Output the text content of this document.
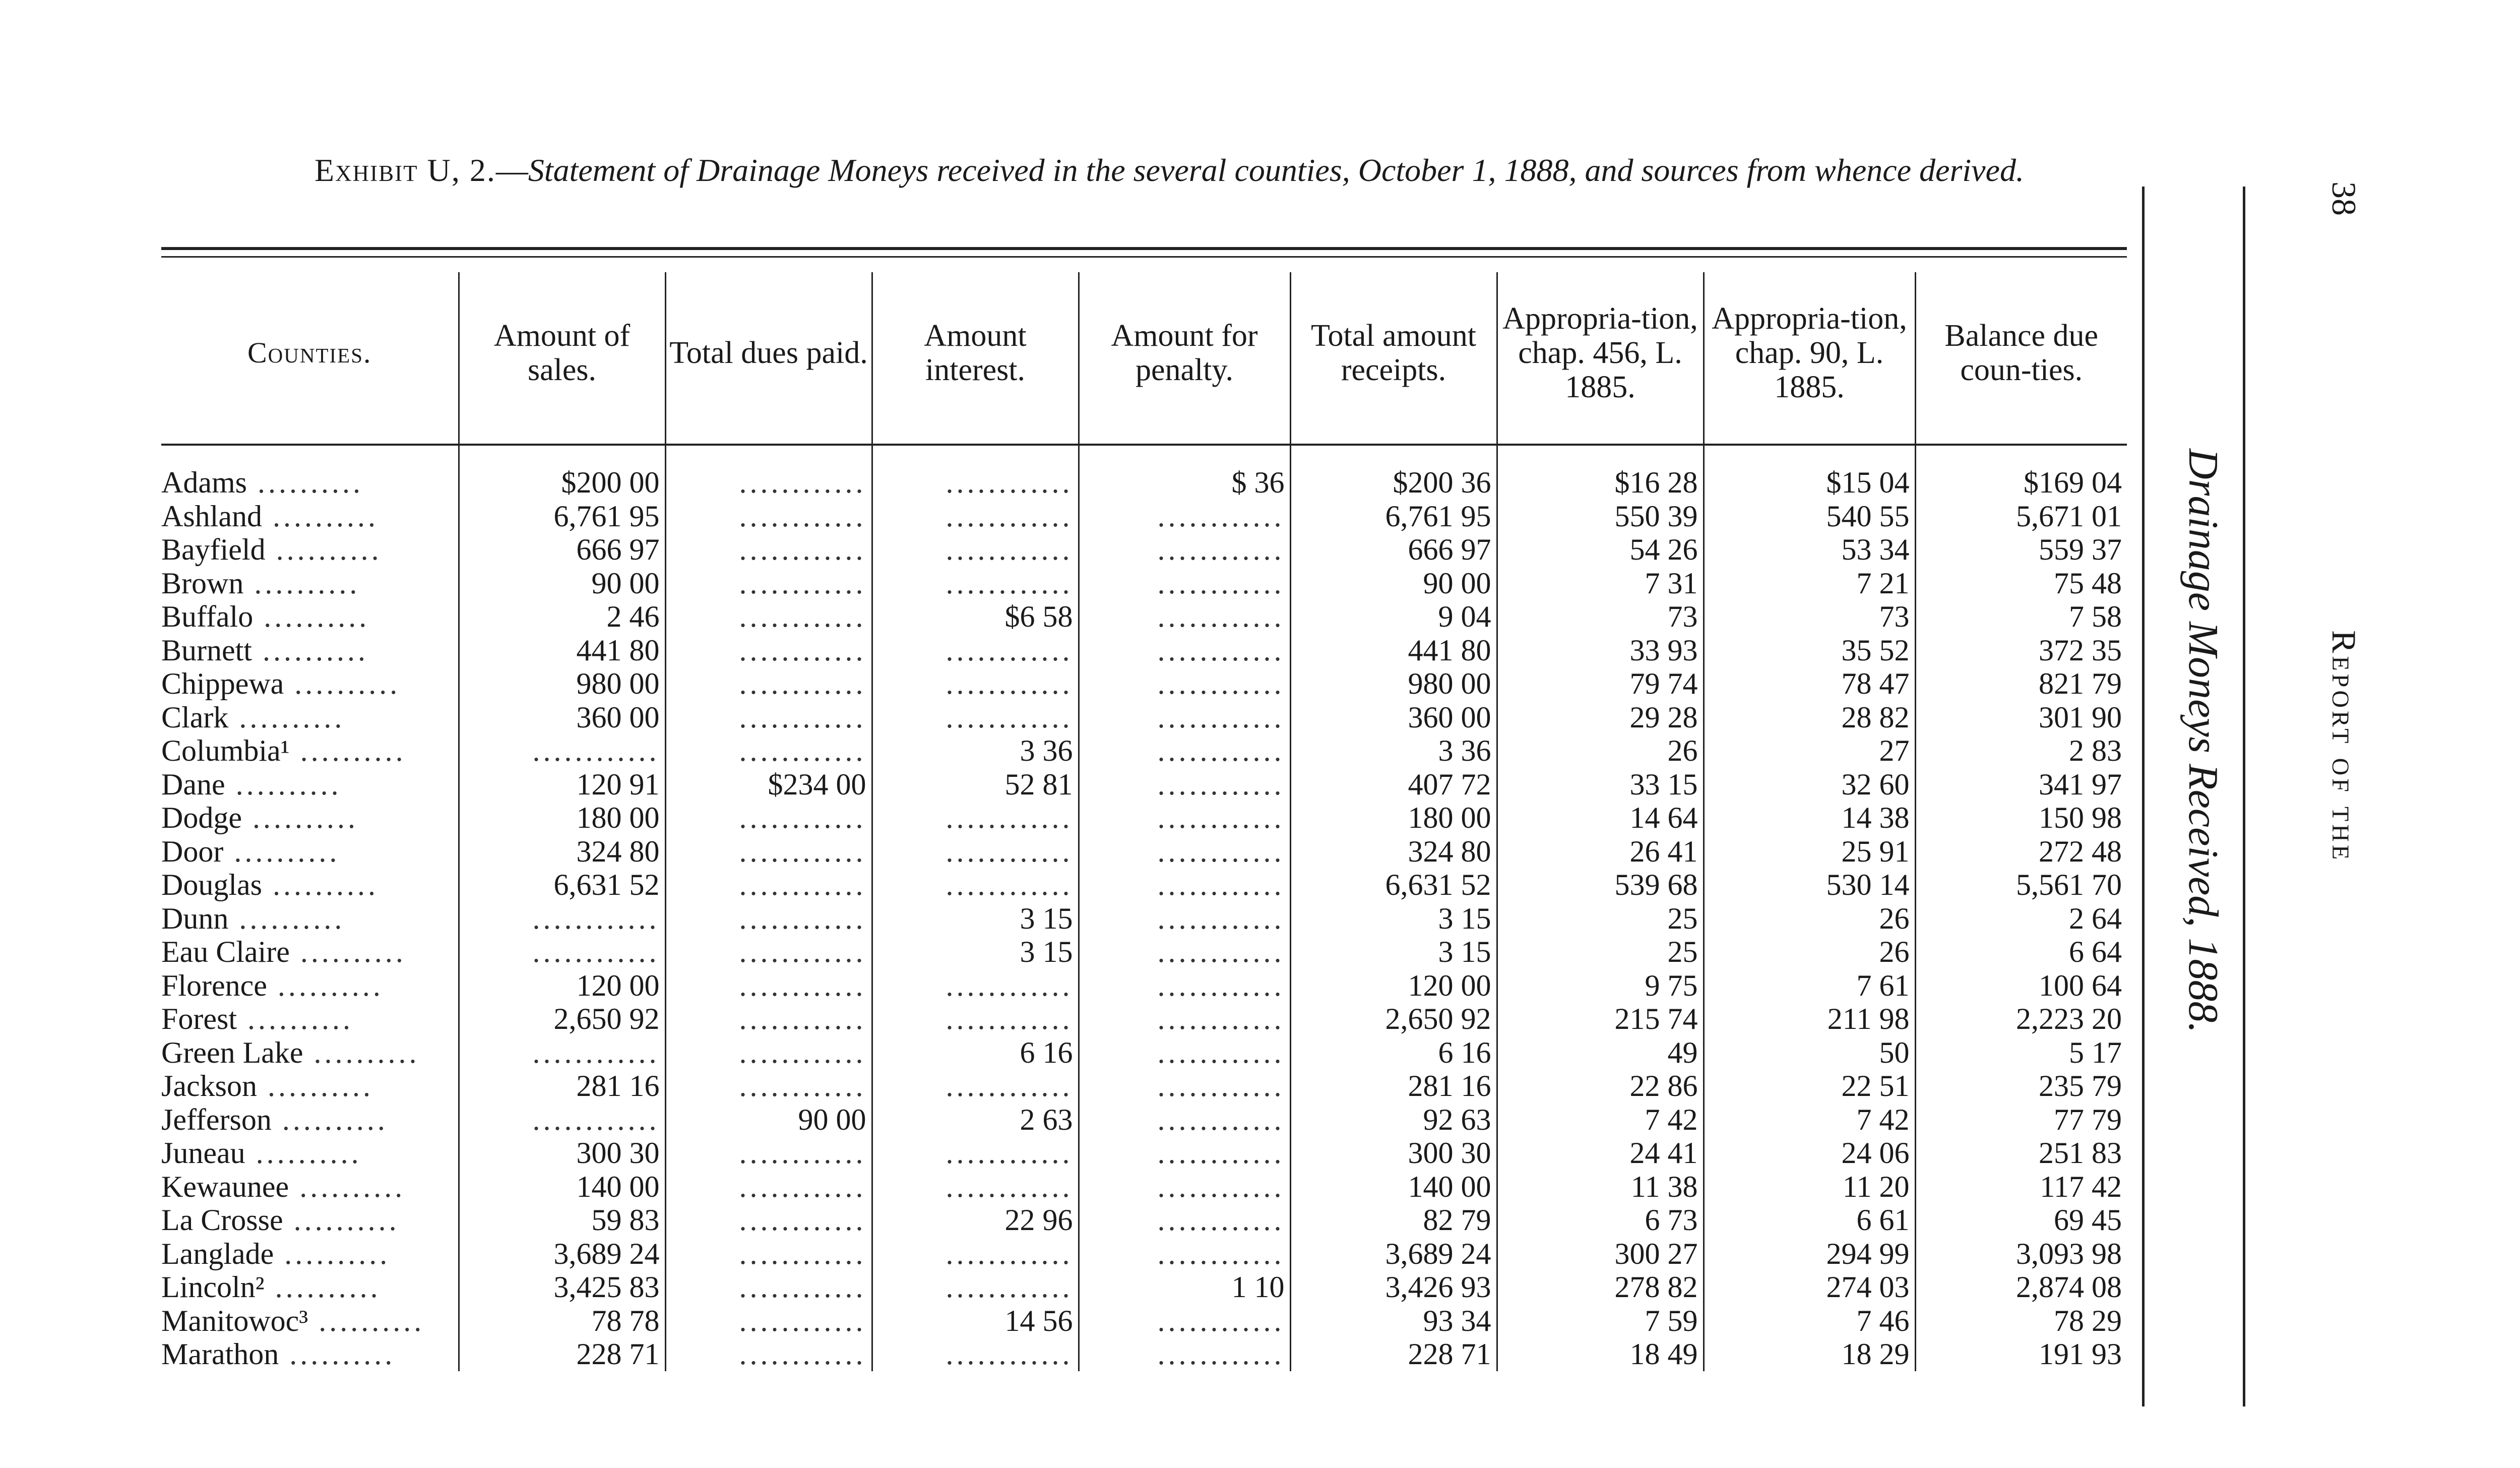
Exhibit U, 2.—Statement of Drainage Moneys received in the several counties, October 1, 1888, and sources from whence derived.
Counties.	Amount of sales.	Total dues paid.	Amount interest.	Amount for penalty.	Total amount receipts.	Appropria-tion, chap. 456, L. 1885.	Appropria-tion, chap. 90, L. 1885.	Balance due coun-ties.
Adams ..........	$200 00	............	............	$ 36	$200 36	$16 28	$15 04	$169 04
Ashland ..........	6,761 95	............	............	............	6,761 95	550 39	540 55	5,671 01
Bayfield ..........	666 97	............	............	............	666 97	54 26	53 34	559 37
Brown ..........	90 00	............	............	............	90 00	7 31	7 21	75 48
Buffalo ..........	2 46	............	$6 58	............	9 04	73	73	7 58
Burnett ..........	441 80	............	............	............	441 80	33 93	35 52	372 35
Chippewa ..........	980 00	............	............	............	980 00	79 74	78 47	821 79
Clark ..........	360 00	............	............	............	360 00	29 28	28 82	301 90
Columbia¹ ..........	............	............	3 36	............	3 36	26	27	2 83
Dane ..........	120 91	$234 00	52 81	............	407 72	33 15	32 60	341 97
Dodge ..........	180 00	............	............	............	180 00	14 64	14 38	150 98
Door ..........	324 80	............	............	............	324 80	26 41	25 91	272 48
Douglas ..........	6,631 52	............	............	............	6,631 52	539 68	530 14	5,561 70
Dunn ..........	............	............	3 15	............	3 15	25	26	2 64
Eau Claire ..........	............	............	3 15	............	3 15	25	26	6 64
Florence ..........	120 00	............	............	............	120 00	9 75	7 61	100 64
Forest ..........	2,650 92	............	............	............	2,650 92	215 74	211 98	2,223 20
Green Lake ..........	............	............	6 16	............	6 16	49	50	5 17
Jackson ..........	281 16	............	............	............	281 16	22 86	22 51	235 79
Jefferson ..........	............	90 00	2 63	............	92 63	7 42	7 42	77 79
Juneau ..........	300 30	............	............	............	300 30	24 41	24 06	251 83
Kewaunee ..........	140 00	............	............	............	140 00	11 38	11 20	117 42
La Crosse ..........	59 83	............	22 96	............	82 79	6 73	6 61	69 45
Langlade ..........	3,689 24	............	............	............	3,689 24	300 27	294 99	3,093 98
Lincoln² ..........	3,425 83	............	............	1 10	3,426 93	278 82	274 03	2,874 08
Manitowoc³ ..........	78 78	............	14 56	............	93 34	7 59	7 46	78 29
Marathon ..........	228 71	............	............	............	228 71	18 49	18 29	191 93
Drainage Moneys Received, 1888.	Report of the
38
